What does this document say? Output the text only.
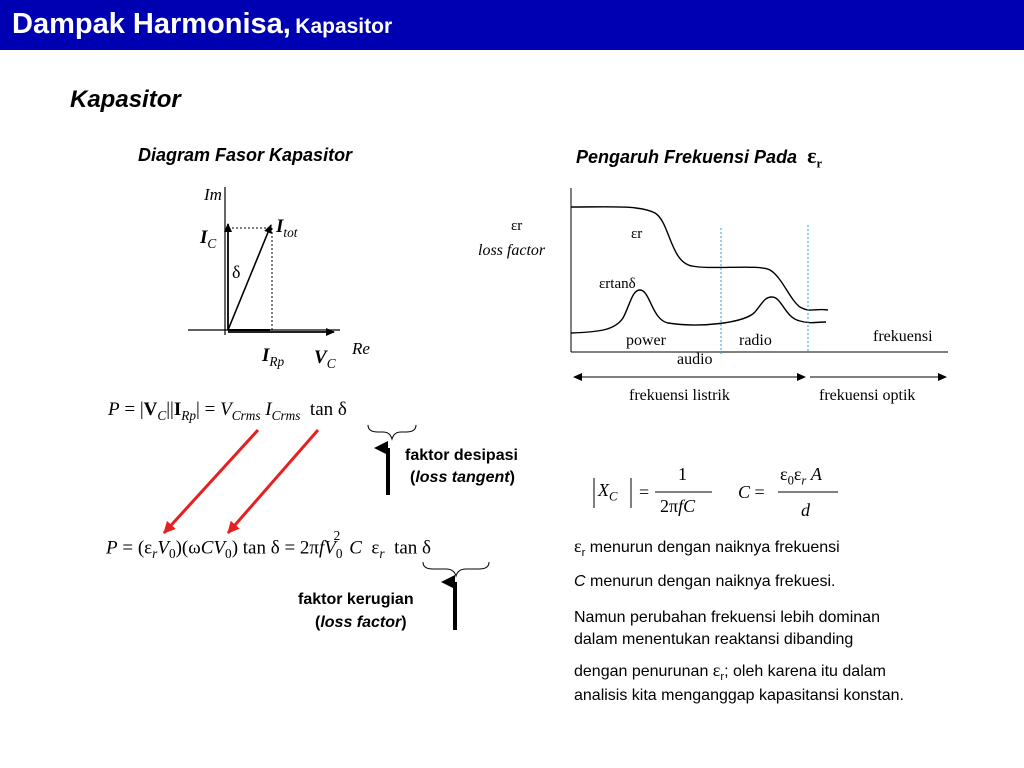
Dampak Harmonisa, Kapasitor
Kapasitor
Diagram Fasor Kapasitor
Im
Re
$I_C$
$I_{tot}$
δ
$I_{Rp}$ $V_C$
$P = |V_C||I_{Rp}| = V_{Crms}$ $I_{Crms}$  tan δ
faktor desipasi
(loss tangent)
$P = (\varepsilon_rV_0)(\omega CV_0)$ tan δ = 2πfV$_0^2$C  $\varepsilon_r$  tan δ
faktor kerugian
(loss factor)
Pengaruh Frekuensi Pada $\varepsilon_r$
εr
loss factor
εr
εrtanδ
power	radio	frekuensi
audio
frekuensi listrik	frekuensi optik
$X_C$ =
1
2πfC
C =
$\varepsilon_0\varepsilon_r$ A
d
$\varepsilon_r$ menurun dengan naiknya frekuensi
C menurun dengan naiknya frekuesi.
Namun perubahan frekuensi lebih dominan
dalam menentukan reaktansi dibanding
dengan penurunan $\varepsilon_r$; oleh karena itu dalam
analisis kita menganggap kapasitansi konstan.
